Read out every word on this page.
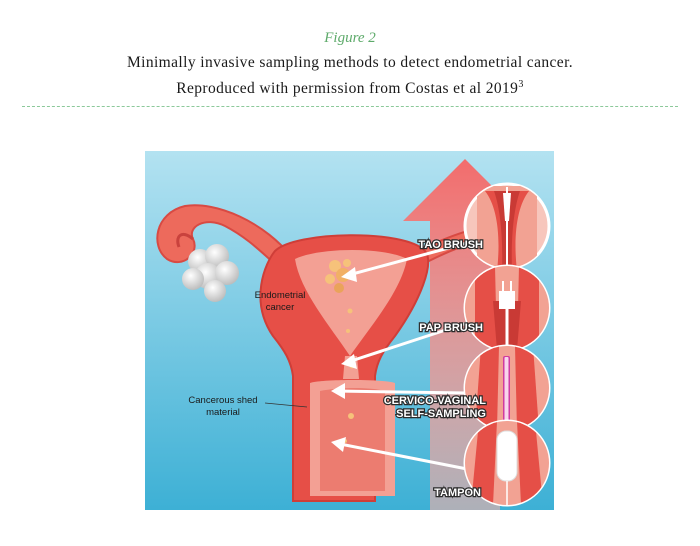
Figure 2
Minimally invasive sampling methods to detect endometrial cancer.
Reproduced with permission from Costas et al 2019$^3$
Endometrial
cancer
Cancerous shed
material
TAO BRUSH
PAP BRUSH
CERVICO-VAGINAL
SELF-SAMPLING
TAMPON
